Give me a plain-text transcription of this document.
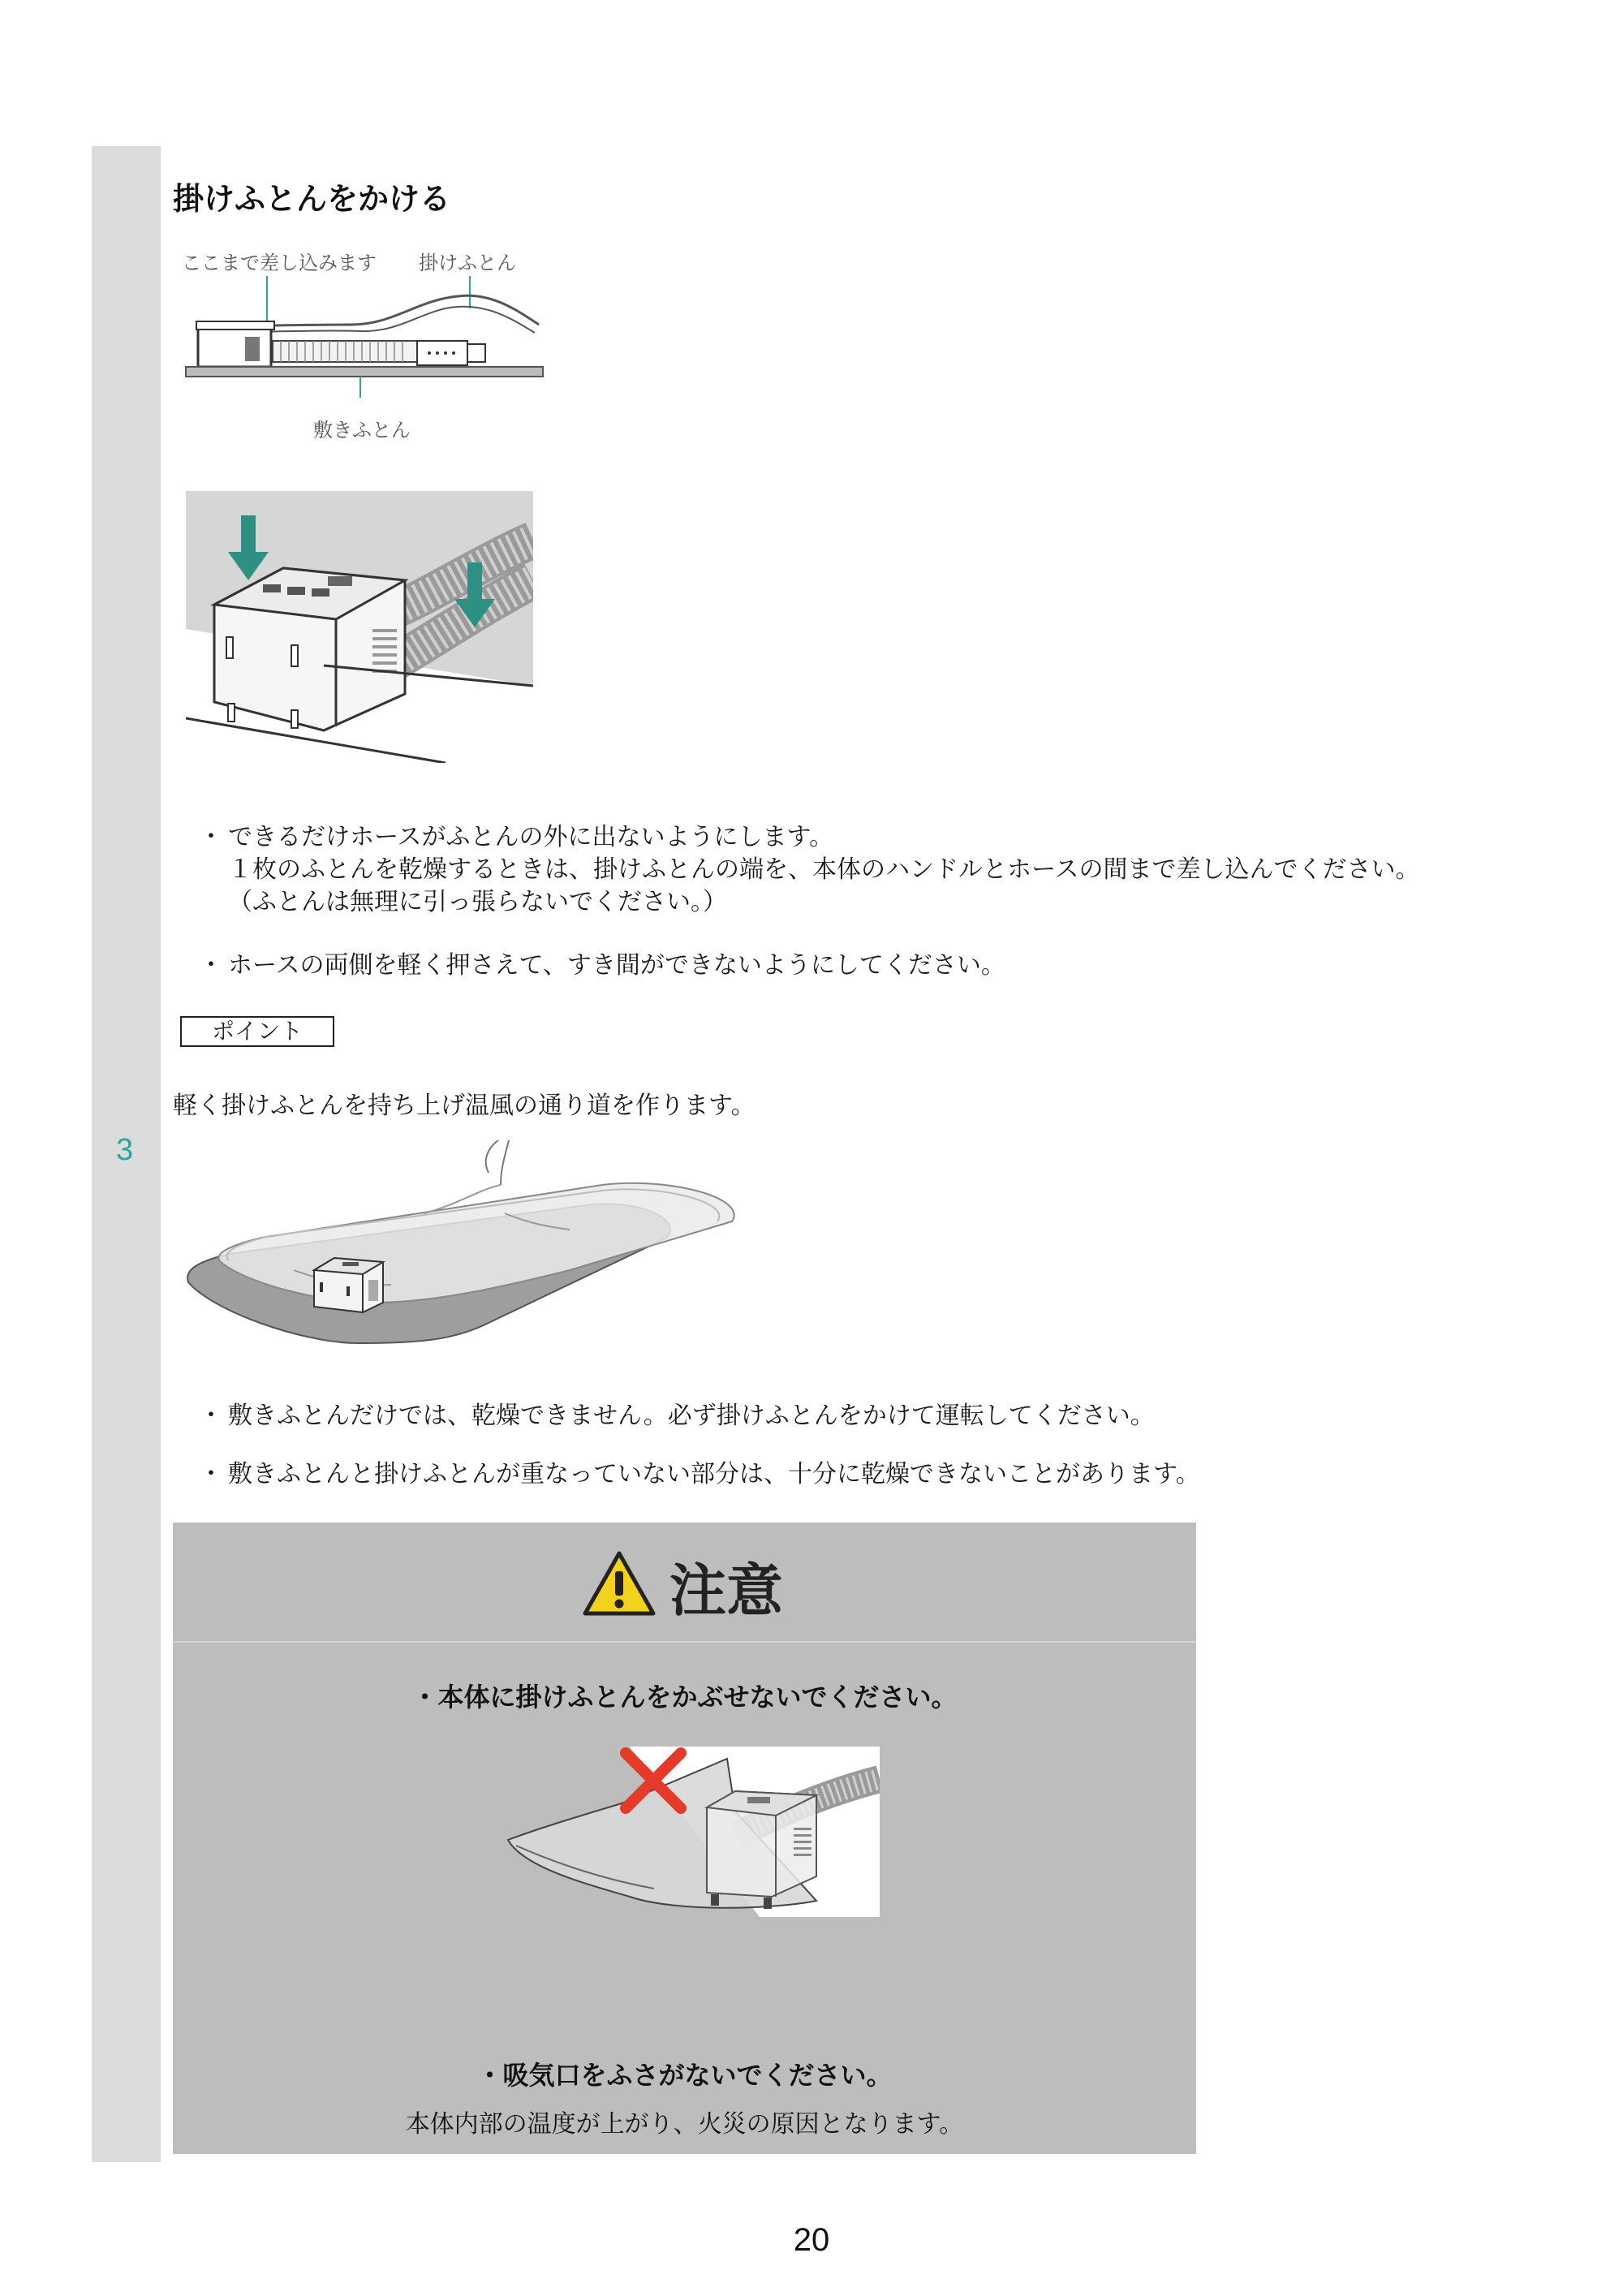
3
掛けふとんをかける
ここまで差し込みます 掛けふとん
敷きふとん
・ できるだけホースがふとんの外に出ないようにします。
１枚のふとんを乾燥するときは、掛けふとんの端を、本体のハンドルとホースの間まで差し込んでください。
（ふとんは無理に引っ張らないでください。）
・ ホースの両側を軽く押さえて、すき間ができないようにしてください。
ポイント
軽く掛けふとんを持ち上げ温風の通り道を作ります。
・ 敷きふとんだけでは、乾燥できません。必ず掛けふとんをかけて運転してください。
・ 敷きふとんと掛けふとんが重なっていない部分は、十分に乾燥できないことがあります。
注意
・本体に掛けふとんをかぶせないでください。
・吸気口をふさがないでください。
本体内部の温度が上がり、火災の原因となります。
20
